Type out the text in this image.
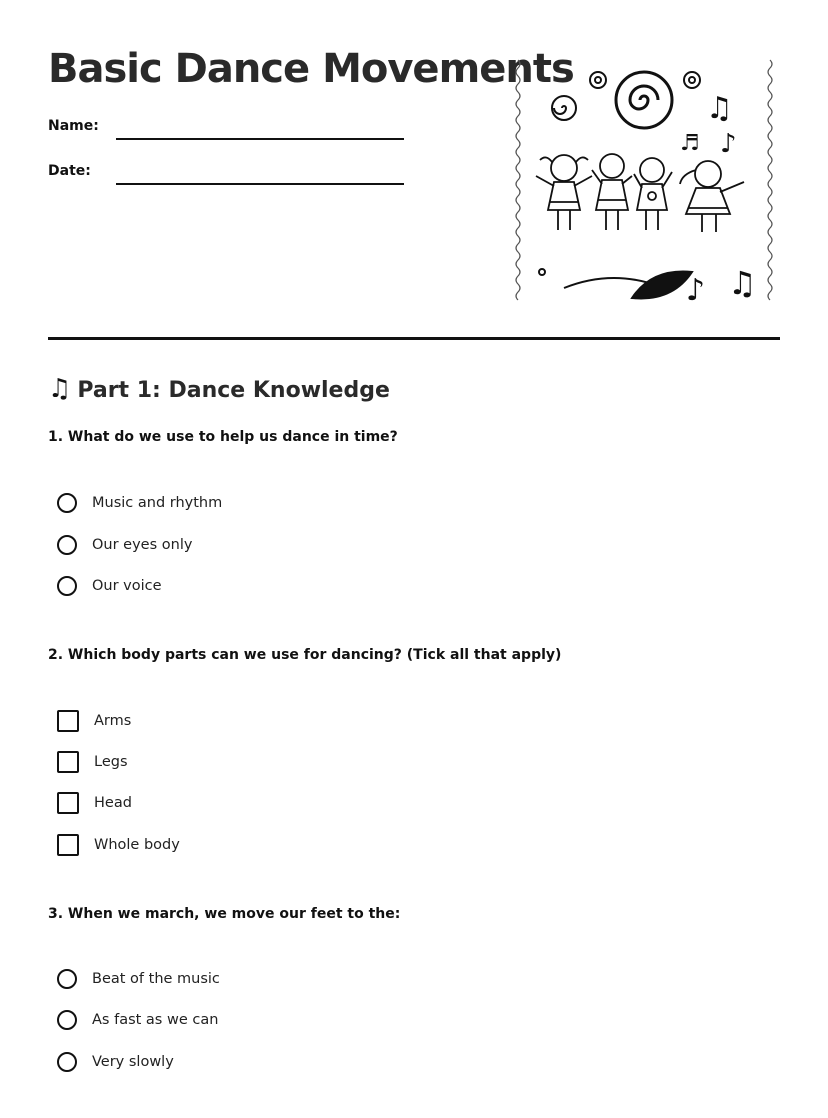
Basic Dance Movements
Name:
Date:
♫
♬ ♪
♪ ♫
♫ Part 1: Dance Knowledge
1. What do we use to help us dance in time?
Music and rhythm
Our eyes only
Our voice
2. Which body parts can we use for dancing? (Tick all that apply)
Arms
Legs
Head
Whole body
3. When we march, we move our feet to the:
Beat of the music
As fast as we can
Very slowly
